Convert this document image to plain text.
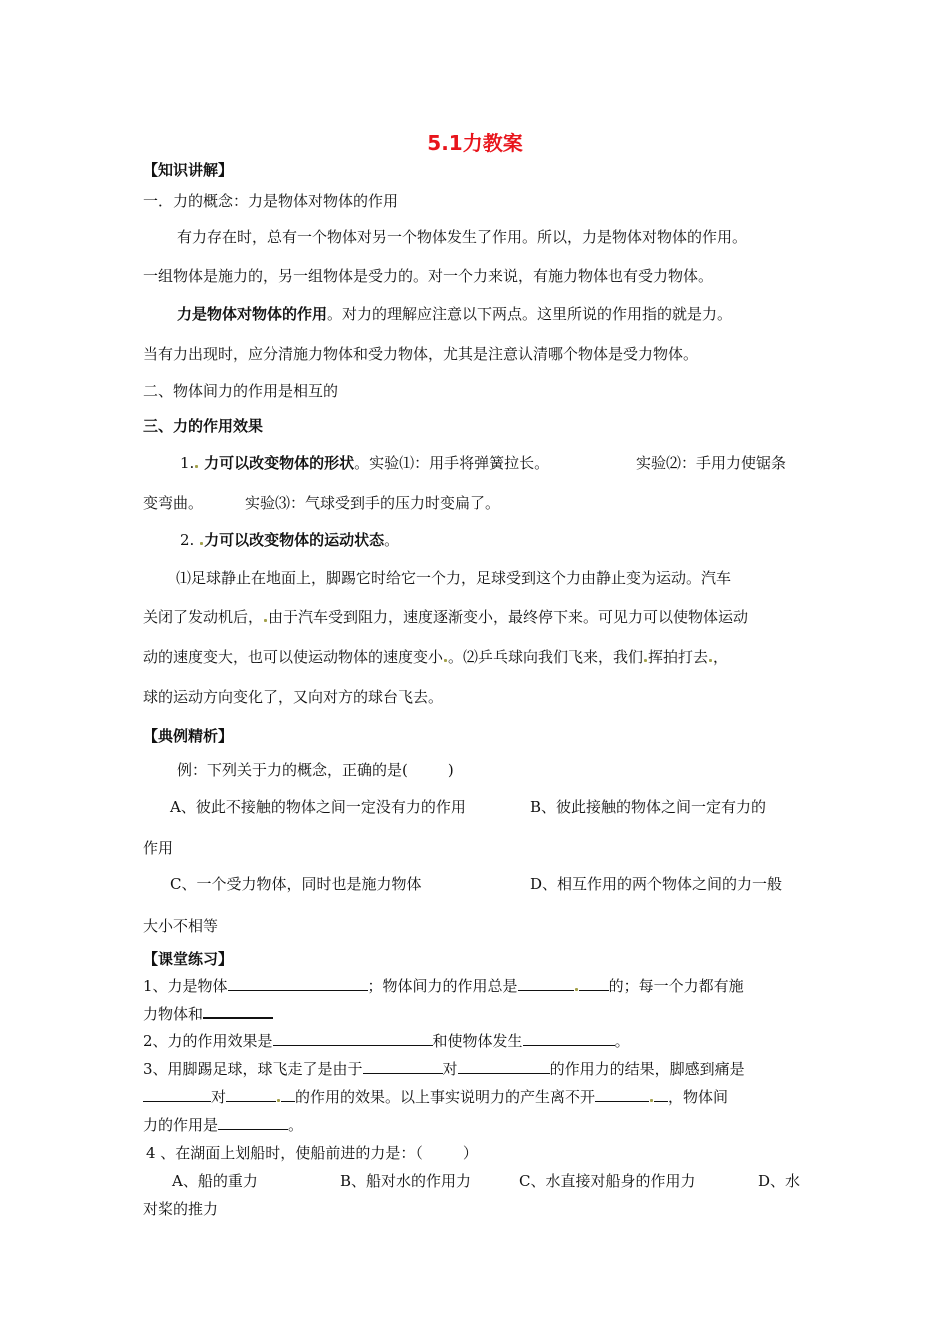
5.1力教案
【知识讲解】
一．力的概念：力是物体对物体的作用
有力存在时，总有一个物体对另一个物体发生了作用。所以，力是物体对物体的作用。
一组物体是施力的，另一组物体是受力的。对一个力来说，有施力物体也有受力物体。
力是物体对物体的作用。对力的理解应注意以下两点。这里所说的作用指的就是力。
当有力出现时，应分清施力物体和受力物体，尤其是注意认清哪个物体是受力物体。
二、物体间力的作用是相互的
三、力的作用效果
1. 力可以改变物体的形状。实验⑴：用手将弹簧拉长。	实验⑵：手用力使锯条
变弯曲。	实验⑶：气球受到手的压力时变扁了。
2. 力可以改变物体的运动状态。
⑴足球静止在地面上，脚踢它时给它一个力，足球受到这个力由静止变为运动。汽车
关闭了发动机后， 由于汽车受到阻力，速度逐渐变小，最终停下来。可见力可以使物体运动
动的速度变大，也可以使运动物体的速度变小 。⑵乒乓球向我们飞来，我们 挥拍打去 ，
球的运动方向变化了，又向对方的球台飞去。
【典例精析】
例：下列关于力的概念，正确的是(	)
A、彼此不接触的物体之间一定没有力的作用	B、彼此接触的物体之间一定有力的
作用
C、一个受力物体，同时也是施力物体	D、相互作用的两个物体之间的力一般
大小不相等
【课堂练习】
1、力是物体	；物体间力的作用总是	的；每一个力都有施
力物体和
2、力的作用效果是	和使物体发生	。
3、用脚踢足球，球飞走了是由于	对	的作用力的结果，脚感到痛是
对	的作用的效果。以上事实说明力的产生离不开	，物体间
力的作用是	。
4 、在湖面上划船时，使船前进的力是：（	）
A、船的重力	B、船对水的作用力	C、水直接对船身的作用力	D、水
对桨的推力
